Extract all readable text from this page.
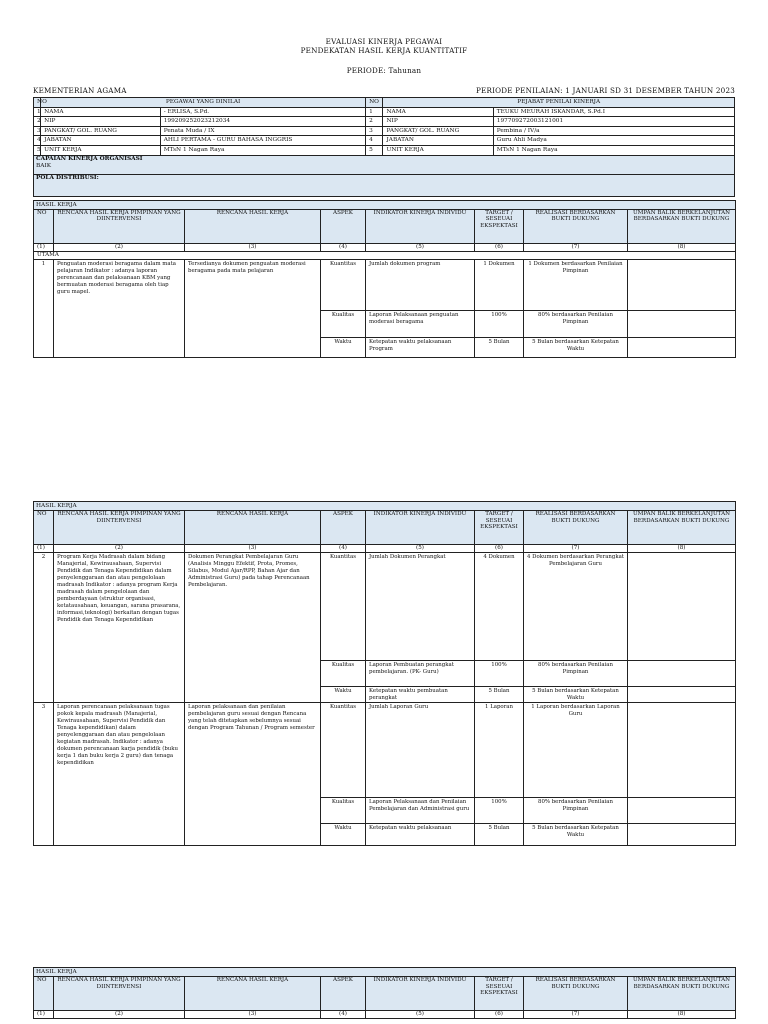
EVALUASI KINERJA PEGAWAI
PENDEKATAN HASIL KERJA KUANTITATIF
PERIODE: Tahunan
KEMENTERIAN AGAMA	PERIODE PENILAIAN: 1 JANUARI SD 31 DESEMBER TAHUN 2023
NO	PEGAWAI YANG DINILAI		NO	PEJABAT PENILAI KINERJA	
1	NAMA	- ERLISA, S.Pd.	1	NAMA	TEUKU MEURAH ISKANDAR, S.Pd.I
2	NIP	199209252023212034	2	NIP	197709272003121001
3	PANGKAT/ GOL. RUANG	Penata Muda / IX	3	PANGKAT/ GOL. RUANG	Pembina / IV/a
4	JABATAN	AHLI PERTAMA - GURU BAHASA INGGRIS	4	JABATAN	Guru Ahli Madya
5	UNIT KERJA	MTsN 1 Nagan Raya	5	UNIT KERJA	MTsN 1 Nagan Raya
CAPAIAN KINERJA ORGANISASI
BAIK

POLA DISTRIBUSI:
HASIL KERJA							
NO	RENCANA HASIL KERJA PIMPINAN YANG DIINTERVENSI	RENCANA HASIL KERJA	ASPEK	INDIKATOR KINERJA INDIVIDU	TARGET / SESEUAI EKSPEKTASI	REALISASI BERDASARKAN BUKTI DUKUNG	UMPAN BALIK BERKELANJUTAN BERDASARKAN BUKTI DUKUNG
(1)	(2)	(3)	(4)	(5)	(6)	(7)	(8)
UTAMA							
1	Penguatan moderasi beragama dalam mata pelajaran Indikator : adanya laporan perencanaan dan pelaksanaan KBM yang bermuatan moderasi beragama oleh tiap guru mapel.	Tersedianya dokumen penguatan moderasi beragama pada mata pelajaran	Kuantitas	Jumlah dokumen program	1 Dokumen	1 Dokumen berdasarkan Penilaian Pimpinan	
			Kualitas	Laporan Pelaksanaan penguatan moderasi beragama	100%	80% berdasarkan Penilaian Pimpinan	
			Waktu	Ketepatan waktu pelaksanaan Program	5 Bulan	5 Bulan berdasarkan Ketepatan Waktu	
HASIL KERJA							
NO	RENCANA HASIL KERJA PIMPINAN YANG DIINTERVENSI	RENCANA HASIL KERJA	ASPEK	INDIKATOR KINERJA INDIVIDU	TARGET / SESEUAI EKSPEKTASI	REALISASI BERDASARKAN BUKTI DUKUNG	UMPAN BALIK BERKELANJUTAN BERDASARKAN BUKTI DUKUNG
(1)	(2)	(3)	(4)	(5)	(6)	(7)	(8)
2	Program Kerja Madrasah dalam bidang Manajerial, Kewirausahaan, Supervisi Pendidik dan Tenaga Kependidikan dalam penyelenggaraan dan atau pengelolaan madrasah Indikator : adanya program Kerja madrasah dalam pengelolaan dan pemberdayaan (struktur organisasi, ketatausahaan, keuangan, sarana prasarana, informasi,teknologi) berkaitan dengan tugas Pendidik dan Tenaga Kependidikan	Dokumen Perangkat Pembelajaran Guru (Analisis Minggu Efektif, Prota, Promes, Silabus, Modul Ajar/RPP, Bahan Ajar dan Administrasi Guru) pada tahap Perencanaan Pembelajaran.	Kuantitas	Jumlah Dokumen Perangkat	4 Dokumen	4 Dokumen berdasarkan Perangkat Pembelajaran Guru	
			Kualitas	Laporan Pembuatan perangkat pembelajaran. (PK- Guru)	100%	80% berdasarkan Penilaian Pimpinan	
			Waktu	Ketepatan waktu pembuatan perangkat	5 Bulan	5 Bulan berdasarkan Ketepatan Waktu	
3	Laporan perencanaan pelaksanaan tugas pokok kepala madrasah (Manajerial, Kewirausahaan, Supervisi Pendidik dan Tenaga kependidikan) dalam penyelenggaraan dan atau pengelolaan kegiatan madrasah. Indikator : adanya dokumen perencanaan karja pendidik (buku kerja 1 dan buku kerja 2 guru) dan tenaga kependidikan	Laporan pelaksanaan dan penilaian pembelajaran guru sesuai dengan Rencana yang telah ditetapkan sebelumnya sesuai dengan Program Tahunan / Program semester	Kuantitas	Jumlah Laporan Guru	1 Laporan	1 Laporan berdasarkan Laporan Guru	
			Kualitas	Laporan Pelaksanaan dan Penilaian Pembelajaran dan Administrasi guru	100%	80% berdasarkan Penilaian Pimpinan	
			Waktu	Ketepatan waktu pelaksanaan	5 Bulan	5 Bulan berdasarkan Ketepatan Waktu	
HASIL KERJA							
NO	RENCANA HASIL KERJA PIMPINAN YANG DIINTERVENSI	RENCANA HASIL KERJA	ASPEK	INDIKATOR KINERJA INDIVIDU	TARGET / SESEUAI EKSPEKTASI	REALISASI BERDASARKAN BUKTI DUKUNG	UMPAN BALIK BERKELANJUTAN BERDASARKAN BUKTI DUKUNG
(1)	(2)	(3)	(4)	(5)	(6)	(7)	(8)
